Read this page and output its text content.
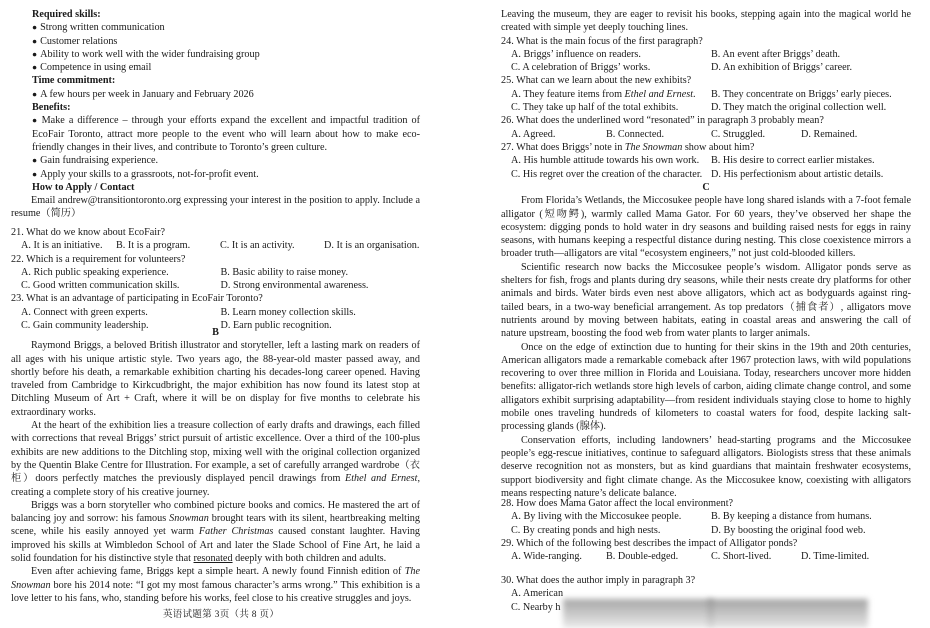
Required skills:
● Strong written communication
● Customer relations
● Ability to work well with the wider fundraising group
● Competence in using email
Time commitment:
● A few hours per week in January and February 2026
Benefits:

● Make a difference – through your efforts expand the excellent and impactful tradition of EcoFair Toronto, attract more people to the event who will learn about how to make eco-friendly changes in their lives, and contribute to Toronto’s green culture.

● Gain fundraising experience.
● Apply your skills to a grassroots, not-for-profit event.
How to Apply / Contact

Email andrew@transitiontoronto.org expressing your interest in the position to apply. Include a resume（简历）

21. What do we know about EcoFair?
A. It is an initiative.	B. It is a program.	C. It is an activity.	D. It is an organisation.
22. Which is a requirement for volunteers?
A. Rich public speaking experience.	B. Basic ability to raise money.
C. Good written communication skills.	D. Strong environmental awareness.
23. What is an advantage of participating in EcoFair Toronto?
A. Connect with green experts.	B. Learn money collection skills.
C. Gain community leadership.	D. Earn public recognition.
B

Raymond Briggs, a beloved British illustrator and storyteller, left a lasting mark on readers of all ages with his unique artistic style. Two years ago, the 88-year-old master passed away, and shortly before his death, a remarkable exhibition charting his decades-long career opened. Having traveled from Cambridge to Kirkcudbright, the major exhibition has now found its latest stop at Ditchling Museum of Art + Craft, where it will be on display for five months to celebrate his extraordinary works.

At the heart of the exhibition lies a treasure collection of early drafts and drawings, each filled with corrections that reveal Briggs’ strict pursuit of artistic excellence. Over a third of the 100-plus exhibits are new additions to the Ditchling stop, mixing well with the original collection organized by the Quentin Blake Centre for Illustration. For example, a set of carefully arranged wardrobe（衣柜）doors perfectly matches the previously displayed pencil drawings from Ethel and Ernest, creating a complete story of his creative journey.

Briggs was a born storyteller who combined picture books and comics. He mastered the art of balancing joy and sorrow: his famous Snowman brought tears with its silent, heartbreaking melting scene, while his easily annoyed yet warm Father Christmas caused constant laughter. Having improved his skills at Wimbledon School of Art and later the Slade School of Fine Art, he laid a solid foundation for his distinctive style that resonated deeply with both children and adults.

Even after achieving fame, Briggs kept a simple heart. A newly found Finnish edition of The Snowman bore his 2014 note: “I got my most famous character’s arms wrong.” This exhibition is a love letter to his fans, who, standing before his works, feel close to his creative struggles and joys.

英语试题第 3页（共 8 页）

Leaving the museum, they are eager to revisit his books, stepping again into the magical world he created with simple yet deeply touching lines.

24. What is the main focus of the first paragraph?
A. Briggs’ influence on readers.	B. An event after Briggs’ death.
C. A celebration of Briggs’ works.	D. An exhibition of Briggs’ career.
25. What can we learn about the new exhibits?
A. They feature items from Ethel and Ernest.	B. They concentrate on Briggs’ early pieces.
C. They take up half of the total exhibits.	D. They match the original collection well.
26. What does the underlined word “resonated” in paragraph 3 probably mean?
A. Agreed.	B. Connected.	C. Struggled.	D. Remained.
27. What does Briggs’ note in The Snowman show about him?
A. His humble attitude towards his own work.	B. His desire to correct earlier mistakes.
C. His regret over the creation of the character. D. His perfectionism about artistic details.
C

From Florida’s Wetlands, the Miccosukee people have long shared islands with a 7-foot female alligator (短吻鳄), warmly called Mama Gator. For 60 years, they’ve observed her shape the ecosystem: digging ponds to hold water in dry seasons and building raised nests for eggs in rainy seasons, with humans keeping a respectful distance during nesting. This close coexistence mirrors a broader truth—alligators are vital “ecosystem engineers,” not just cold-blooded killers.

Scientific research now backs the Miccosukee people’s wisdom. Alligator ponds serve as shelters for fish, frogs and plants during dry seasons, while their nests create dry platforms for other animals and birds. Water birds even nest above alligators, which act as bodyguards against ring-tailed bears, in a two-way beneficial arrangement. As top predators（捕食者）, alligators move nutrients around by moving between habitats, eating in coastal areas and answering the call of nature upstream, boosting the food web from water plants to larger animals.

Once on the edge of extinction due to hunting for their skins in the 19th and 20th centuries, American alligators made a remarkable comeback after 1967 protection laws, with wild populations recovering to over three million in Florida and Louisiana. Today, researchers uncover more hidden benefits: alligator-rich wetlands store high levels of carbon, aiding climate change control, and some alligators exhibit surprising adaptability—from resident individuals staying close to home to highly mobile ones traveling hundreds of kilometers to coastal waters for food, despite lacking salt-processing glands (腺体).

Conservation efforts, including landowners’ head-starting programs and the Miccosukee people’s egg-rescue initiatives, continue to safeguard alligators. Biologists stress that these animals deserve recognition not as monsters, but as kind guardians that maintain freshwater ecosystems, support biodiversity and fight climate change. As the Miccosukee know, coexisting with alligators means respecting nature’s delicate balance.

28. How does Mama Gator affect the local environment?
A. By living with the Miccosukee people.	B. By keeping a distance from humans.
C. By creating ponds and high nests.	D. By boosting the original food web.
29. Which of the following best describes the impact of Alligator ponds?
A. Wide-ranging.	B. Double-edged.	C. Short-lived.	D. Time-limited.
30. What does the author imply in paragraph 3?
A. American
C. Nearby h
